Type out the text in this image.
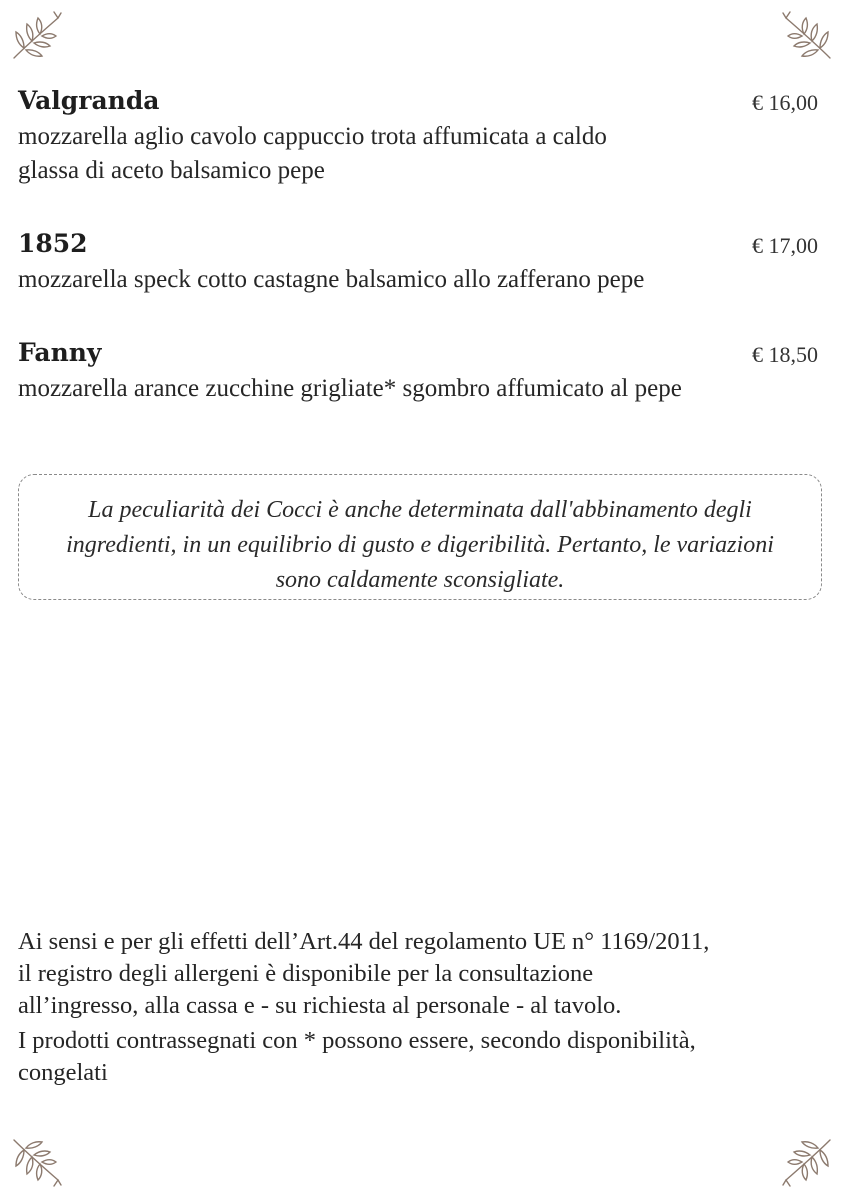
Valgranda	€ 16,00

mozzarella aglio cavolo cappuccio trota affumicata a caldo

glassa di aceto balsamico pepe

1852	€ 17,00

mozzarella speck cotto castagne balsamico allo zafferano pepe

Fanny	€ 18,50

mozzarella arance zucchine grigliate* sgombro affumicato al pepe

La peculiarità dei Cocci è anche determinata dall'abbinamento degli
ingredienti, in un equilibrio di gusto e digeribilità. Pertanto, le variazioni
sono caldamente sconsigliate.

Ai sensi e per gli effetti dell’Art.44 del regolamento UE n° 1169/2011,

il registro degli allergeni è disponibile per la consultazione

all’ingresso, alla cassa e - su richiesta al personale - al tavolo.

I prodotti contrassegnati con * possono essere, secondo disponibilità,

congelati
